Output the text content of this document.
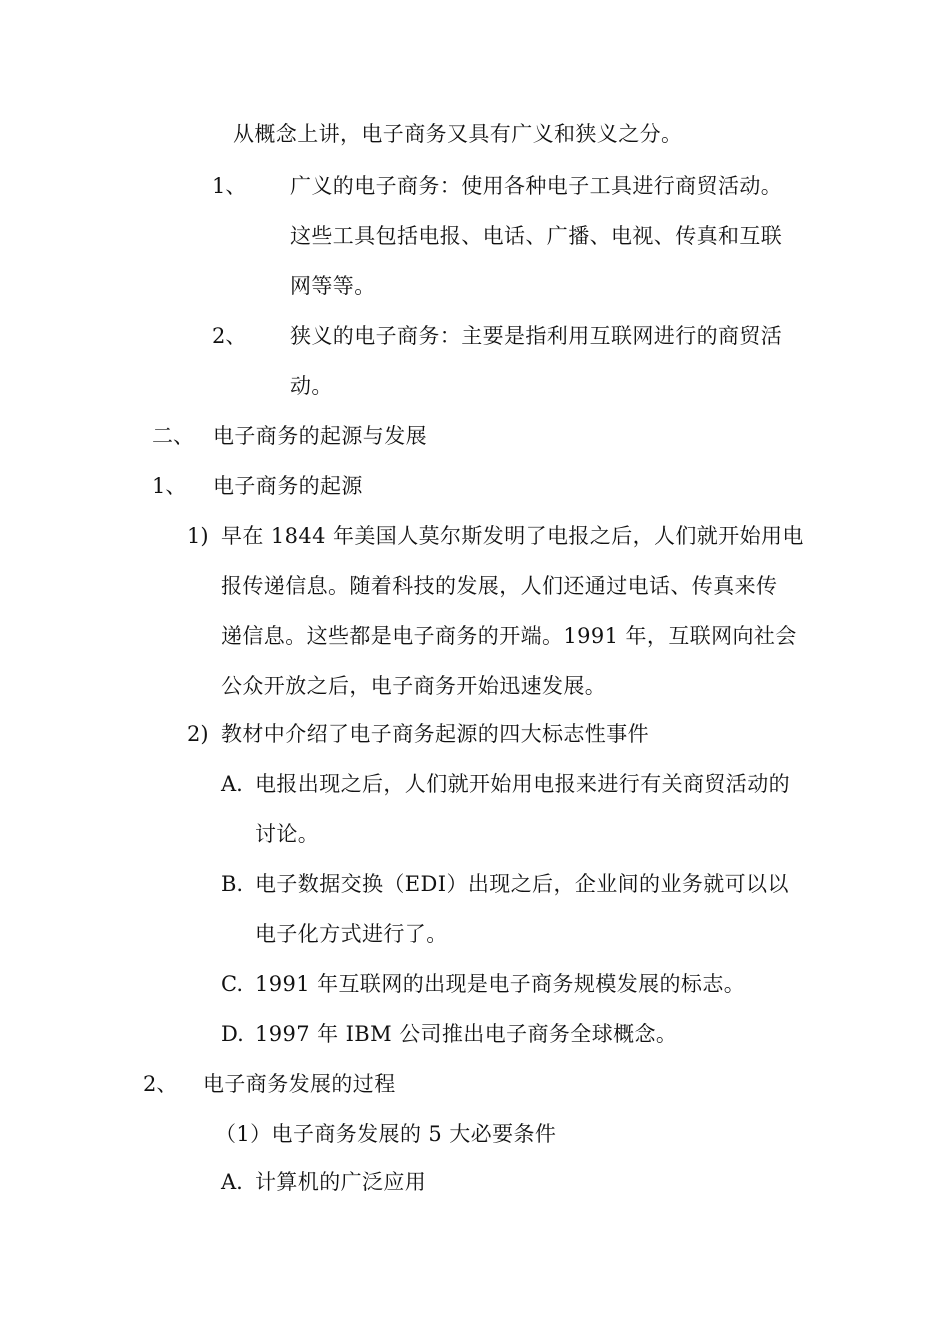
从概念上讲，电子商务又具有广义和狭义之分。
1、 广义的电子商务：使用各种电子工具进行商贸活动。
这些工具包括电报、电话、广播、电视、传真和互联
网等等。
2、 狭义的电子商务：主要是指利用互联网进行的商贸活
动。
二、 电子商务的起源与发展
1、 电子商务的起源
1) 早在 1844 年美国人莫尔斯发明了电报之后，人们就开始用电
报传递信息。随着科技的发展，人们还通过电话、传真来传
递信息。这些都是电子商务的开端。1991 年，互联网向社会
公众开放之后，电子商务开始迅速发展。
2) 教材中介绍了电子商务起源的四大标志性事件
A. 电报出现之后，人们就开始用电报来进行有关商贸活动的
讨论。
B. 电子数据交换（EDI）出现之后，企业间的业务就可以以
电子化方式进行了。
C. 1991 年互联网的出现是电子商务规模发展的标志。
D. 1997 年 IBM 公司推出电子商务全球概念。
2、 电子商务发展的过程
（1）电子商务发展的 5 大必要条件
A. 计算机的广泛应用
